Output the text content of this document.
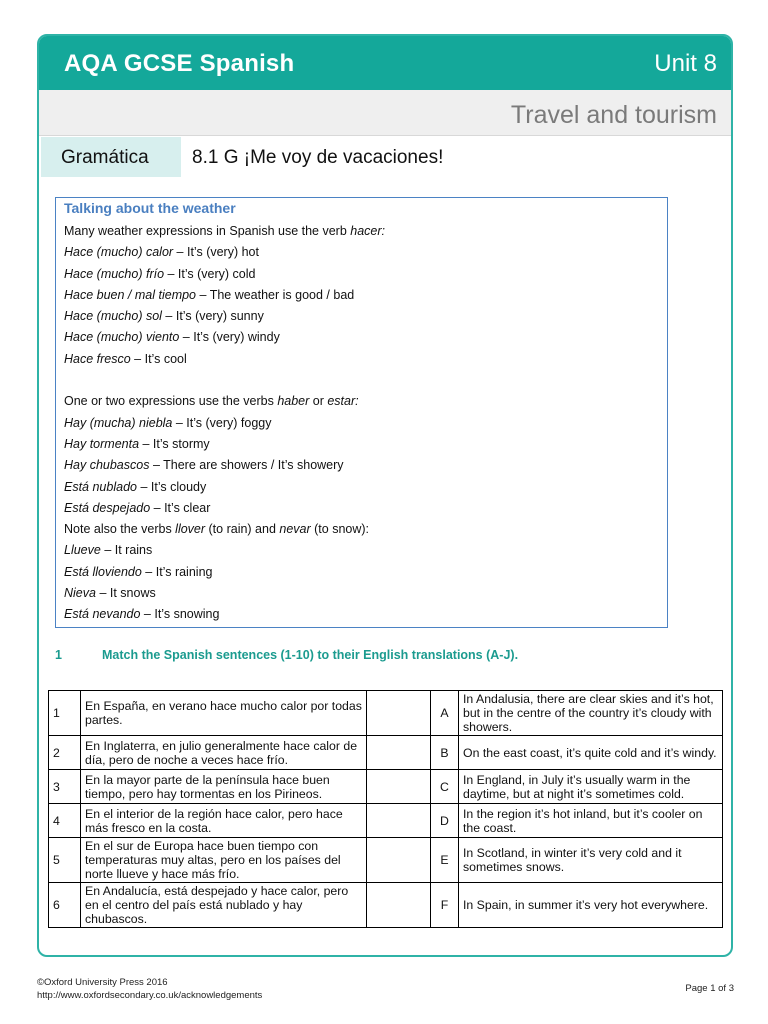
AQA GCSE Spanish	Unit 8
Travel and tourism
Gramática	8.1 G ¡Me voy de vacaciones!
Talking about the weather
Many weather expressions in Spanish use the verb hacer:
Hace (mucho) calor – It’s (very) hot
Hace (mucho) frío – It’s (very) cold
Hace buen / mal tiempo – The weather is good / bad
Hace (mucho) sol – It’s (very) sunny
Hace (mucho) viento – It’s (very) windy
Hace fresco – It’s cool
One or two expressions use the verbs haber or estar:
Hay (mucha) niebla – It’s (very) foggy
Hay tormenta – It’s stormy
Hay chubascos – There are showers / It’s showery
Está nublado – It’s cloudy
Está despejado – It’s clear
Note also the verbs llover (to rain) and nevar (to snow):
Llueve – It rains
Está lloviendo – It’s raining
Nieva – It snows
Está nevando – It’s snowing
1	Match the Spanish sentences (1-10) to their English translations (A-J).
1	En España, en verano hace mucho calor por todas partes.		A	In Andalusia, there are clear skies and it’s hot, but in the centre of the country it’s cloudy with showers.
2	En Inglaterra, en julio generalmente hace calor de día, pero de noche a veces hace frío.		B	On the east coast, it’s quite cold and it’s windy.
3	En la mayor parte de la península hace buen tiempo, pero hay tormentas en los Pirineos.		C	In England, in July it’s usually warm in the daytime, but at night it’s sometimes cold.
4	En el interior de la región hace calor, pero hace más fresco en la costa.		D	In the region it’s hot inland, but it’s cooler on the coast.
5	En el sur de Europa hace buen tiempo con temperaturas muy altas, pero en los países del norte llueve y hace más frío.		E	In Scotland, in winter it’s very cold and it sometimes snows.
6	En Andalucía, está despejado y hace calor, pero en el centro del país está nublado y hay chubascos.		F	In Spain, in summer it’s very hot everywhere.
©Oxford University Press 2016
http://www.oxfordsecondary.co.uk/acknowledgements
Page 1 of 3
